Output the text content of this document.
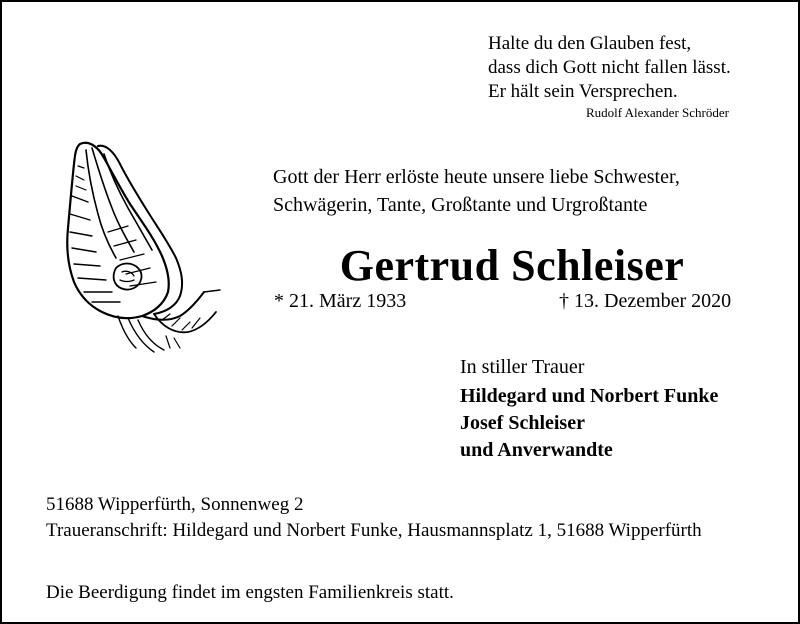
Halte du den Glauben fest,
dass dich Gott nicht fallen lässt.
Er hält sein Versprechen.
Rudolf Alexander Schröder
Gott der Herr erlöste heute unsere liebe Schwester,
Schwägerin, Tante, Großtante und Urgroßtante
Gertrud Schleiser
* 21. März 1933	† 13. Dezember 2020
In stiller Trauer
Hildegard und Norbert Funke
Josef Schleiser
und Anverwandte
51688 Wipperfürth, Sonnenweg 2
Traueranschrift: Hildegard und Norbert Funke, Hausmannsplatz 1, 51688 Wipperfürth
Die Beerdigung findet im engsten Familienkreis statt.
